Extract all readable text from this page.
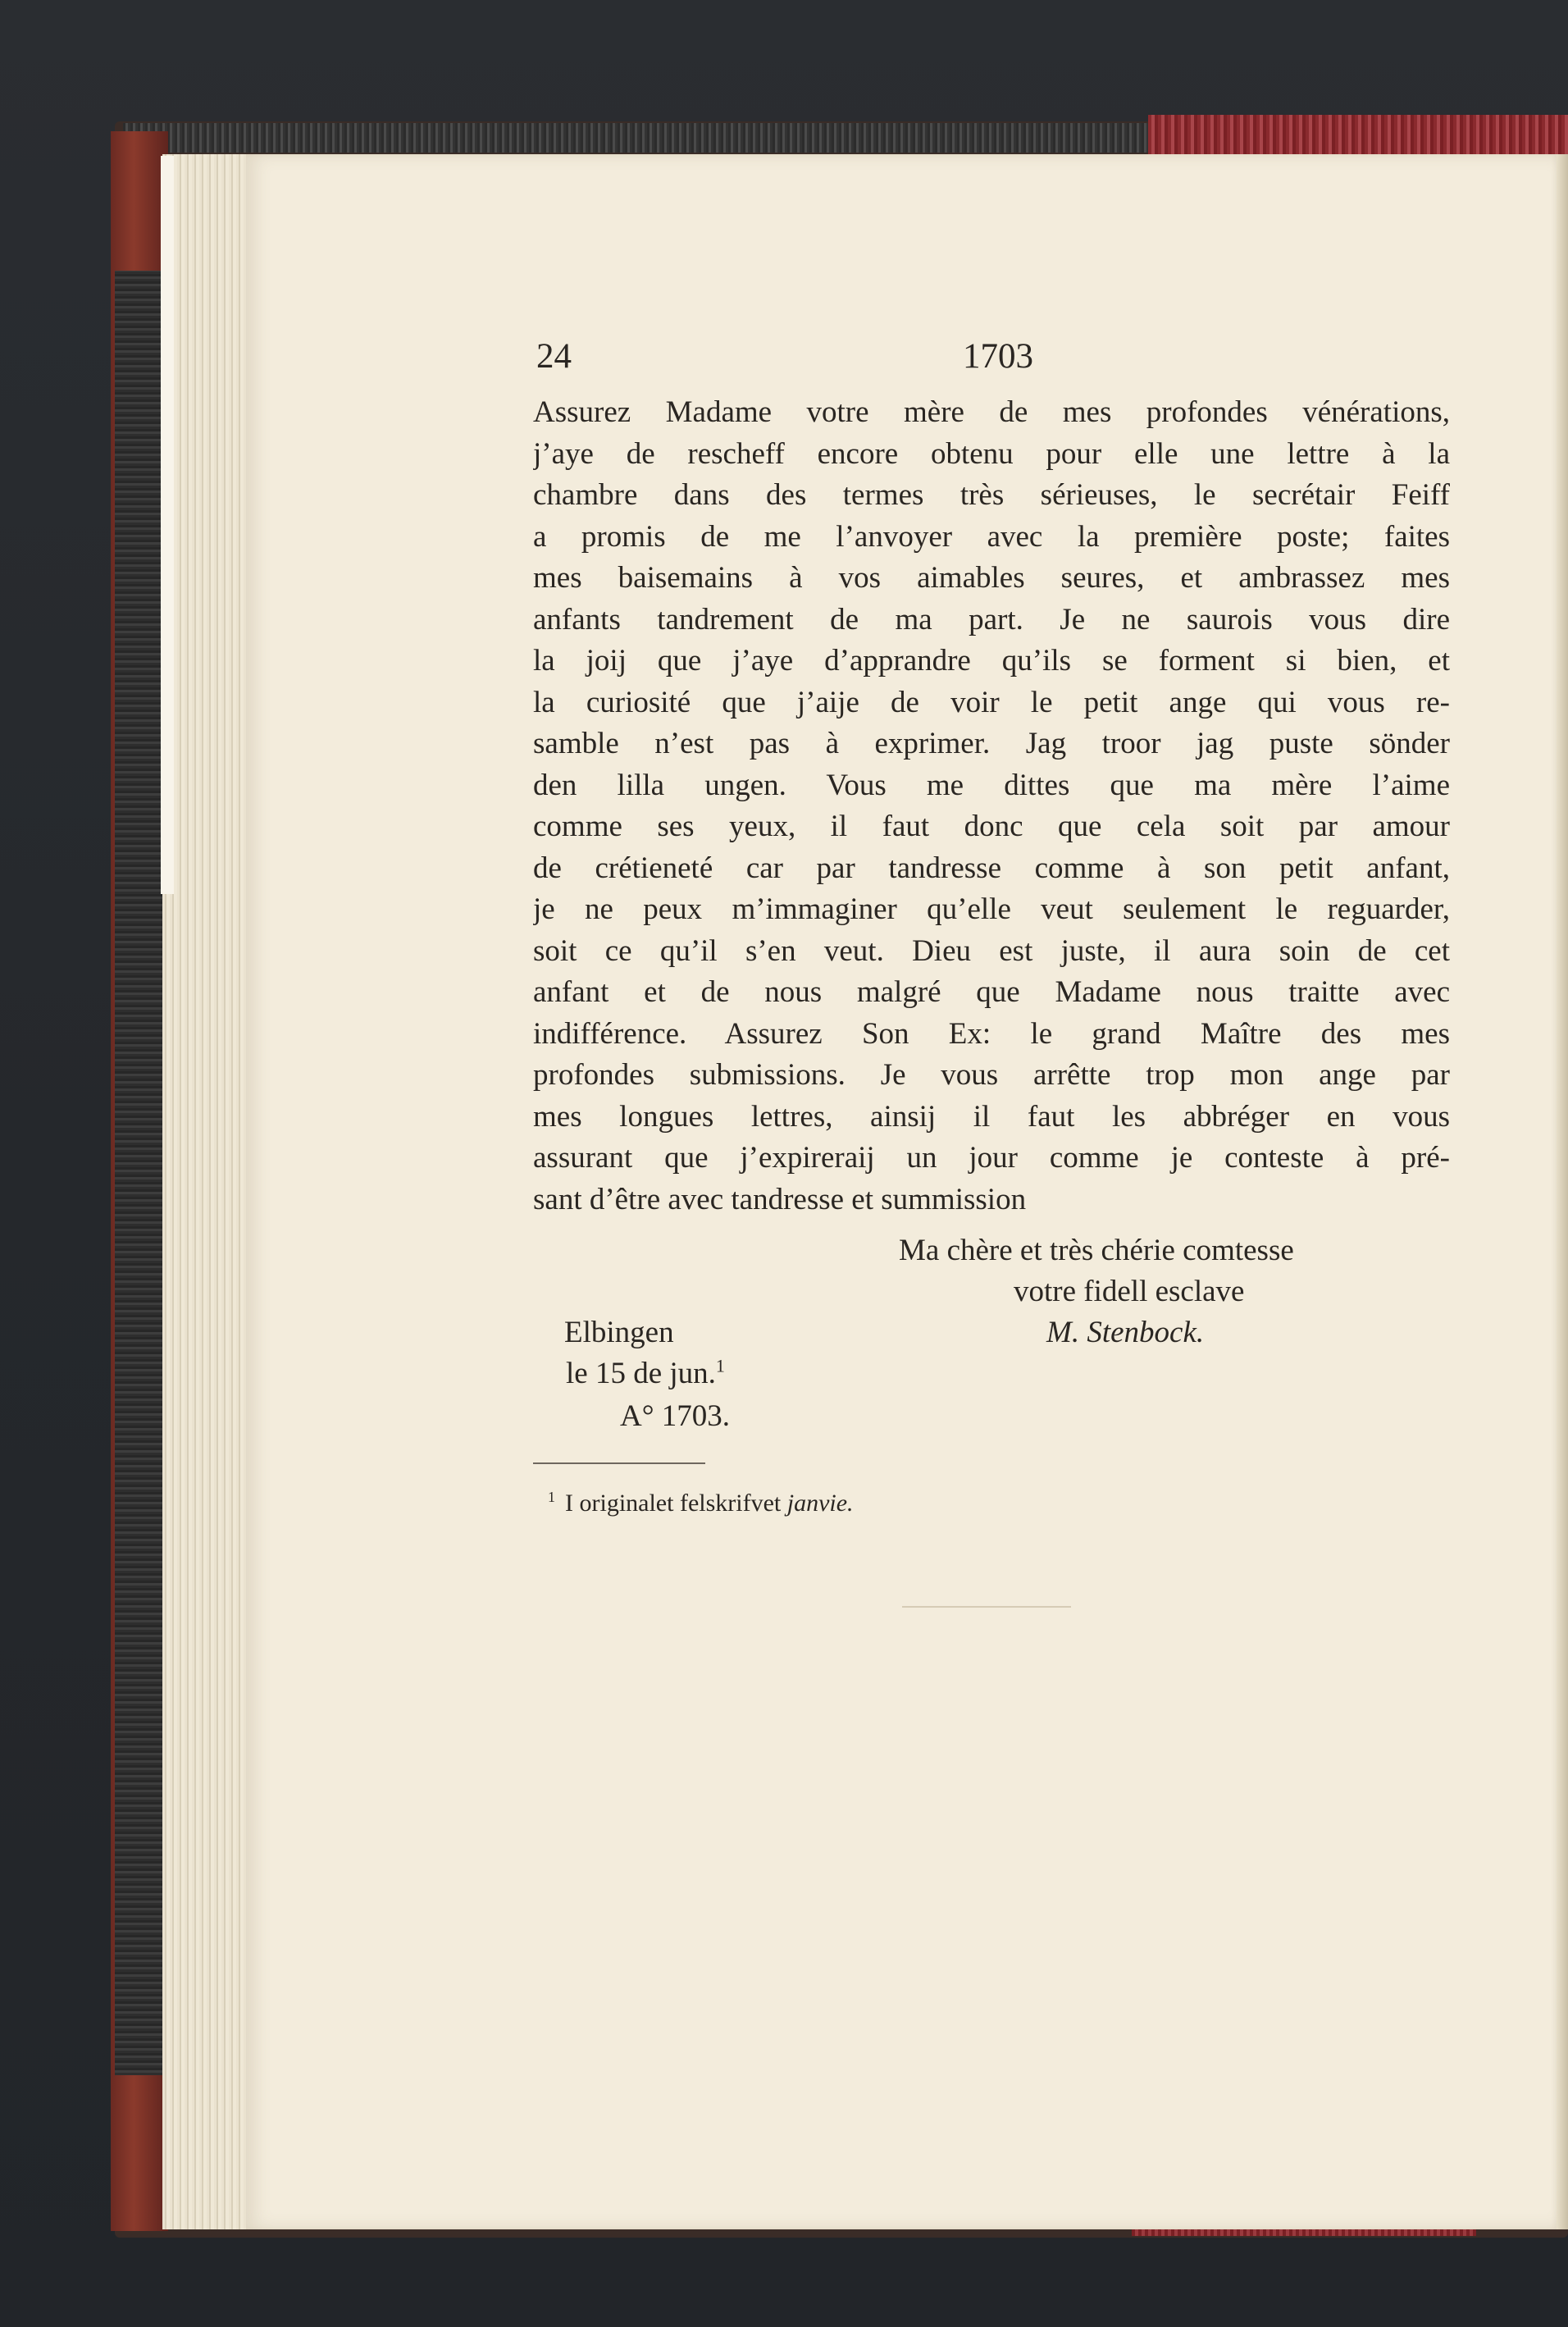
24	1703
Assurez Madame votre mère de mes profondes vénérations,
j’aye de rescheff encore obtenu pour elle une lettre à la
chambre dans des termes très sérieuses, le secrétair Feiff
a promis de me l’anvoyer avec la première poste; faites
mes baisemains à vos aimables seures, et ambrassez mes
anfants tandrement de ma part. Je ne saurois vous dire
la joij que j’aye d’apprandre qu’ils se forment si bien, et
la curiosité que j’aije de voir le petit ange qui vous re-
samble n’est pas à exprimer. Jag troor jag puste sönder
den lilla ungen. Vous me dittes que ma mère l’aime
comme ses yeux, il faut donc que cela soit par amour
de crétieneté car par tandresse comme à son petit anfant,
je ne peux m’immaginer qu’elle veut seulement le reguarder,
soit ce qu’il s’en veut. Dieu est juste, il aura soin de cet
anfant et de nous malgré que Madame nous traitte avec
indifférence. Assurez Son Ex: le grand Maître des mes
profondes submissions. Je vous arrêtte trop mon ange par
mes longues lettres, ainsij il faut les abbréger en vous
assurant que j’expireraij un jour comme je conteste à pré-
sant d’être avec tandresse et summission
Ma chère et très chérie comtesse
votre fidell esclave
M. Stenbock.
Elbingen
le 15 de jun.$^1$
A° 1703.
$^1$ I originalet felskrifvet janvie.
